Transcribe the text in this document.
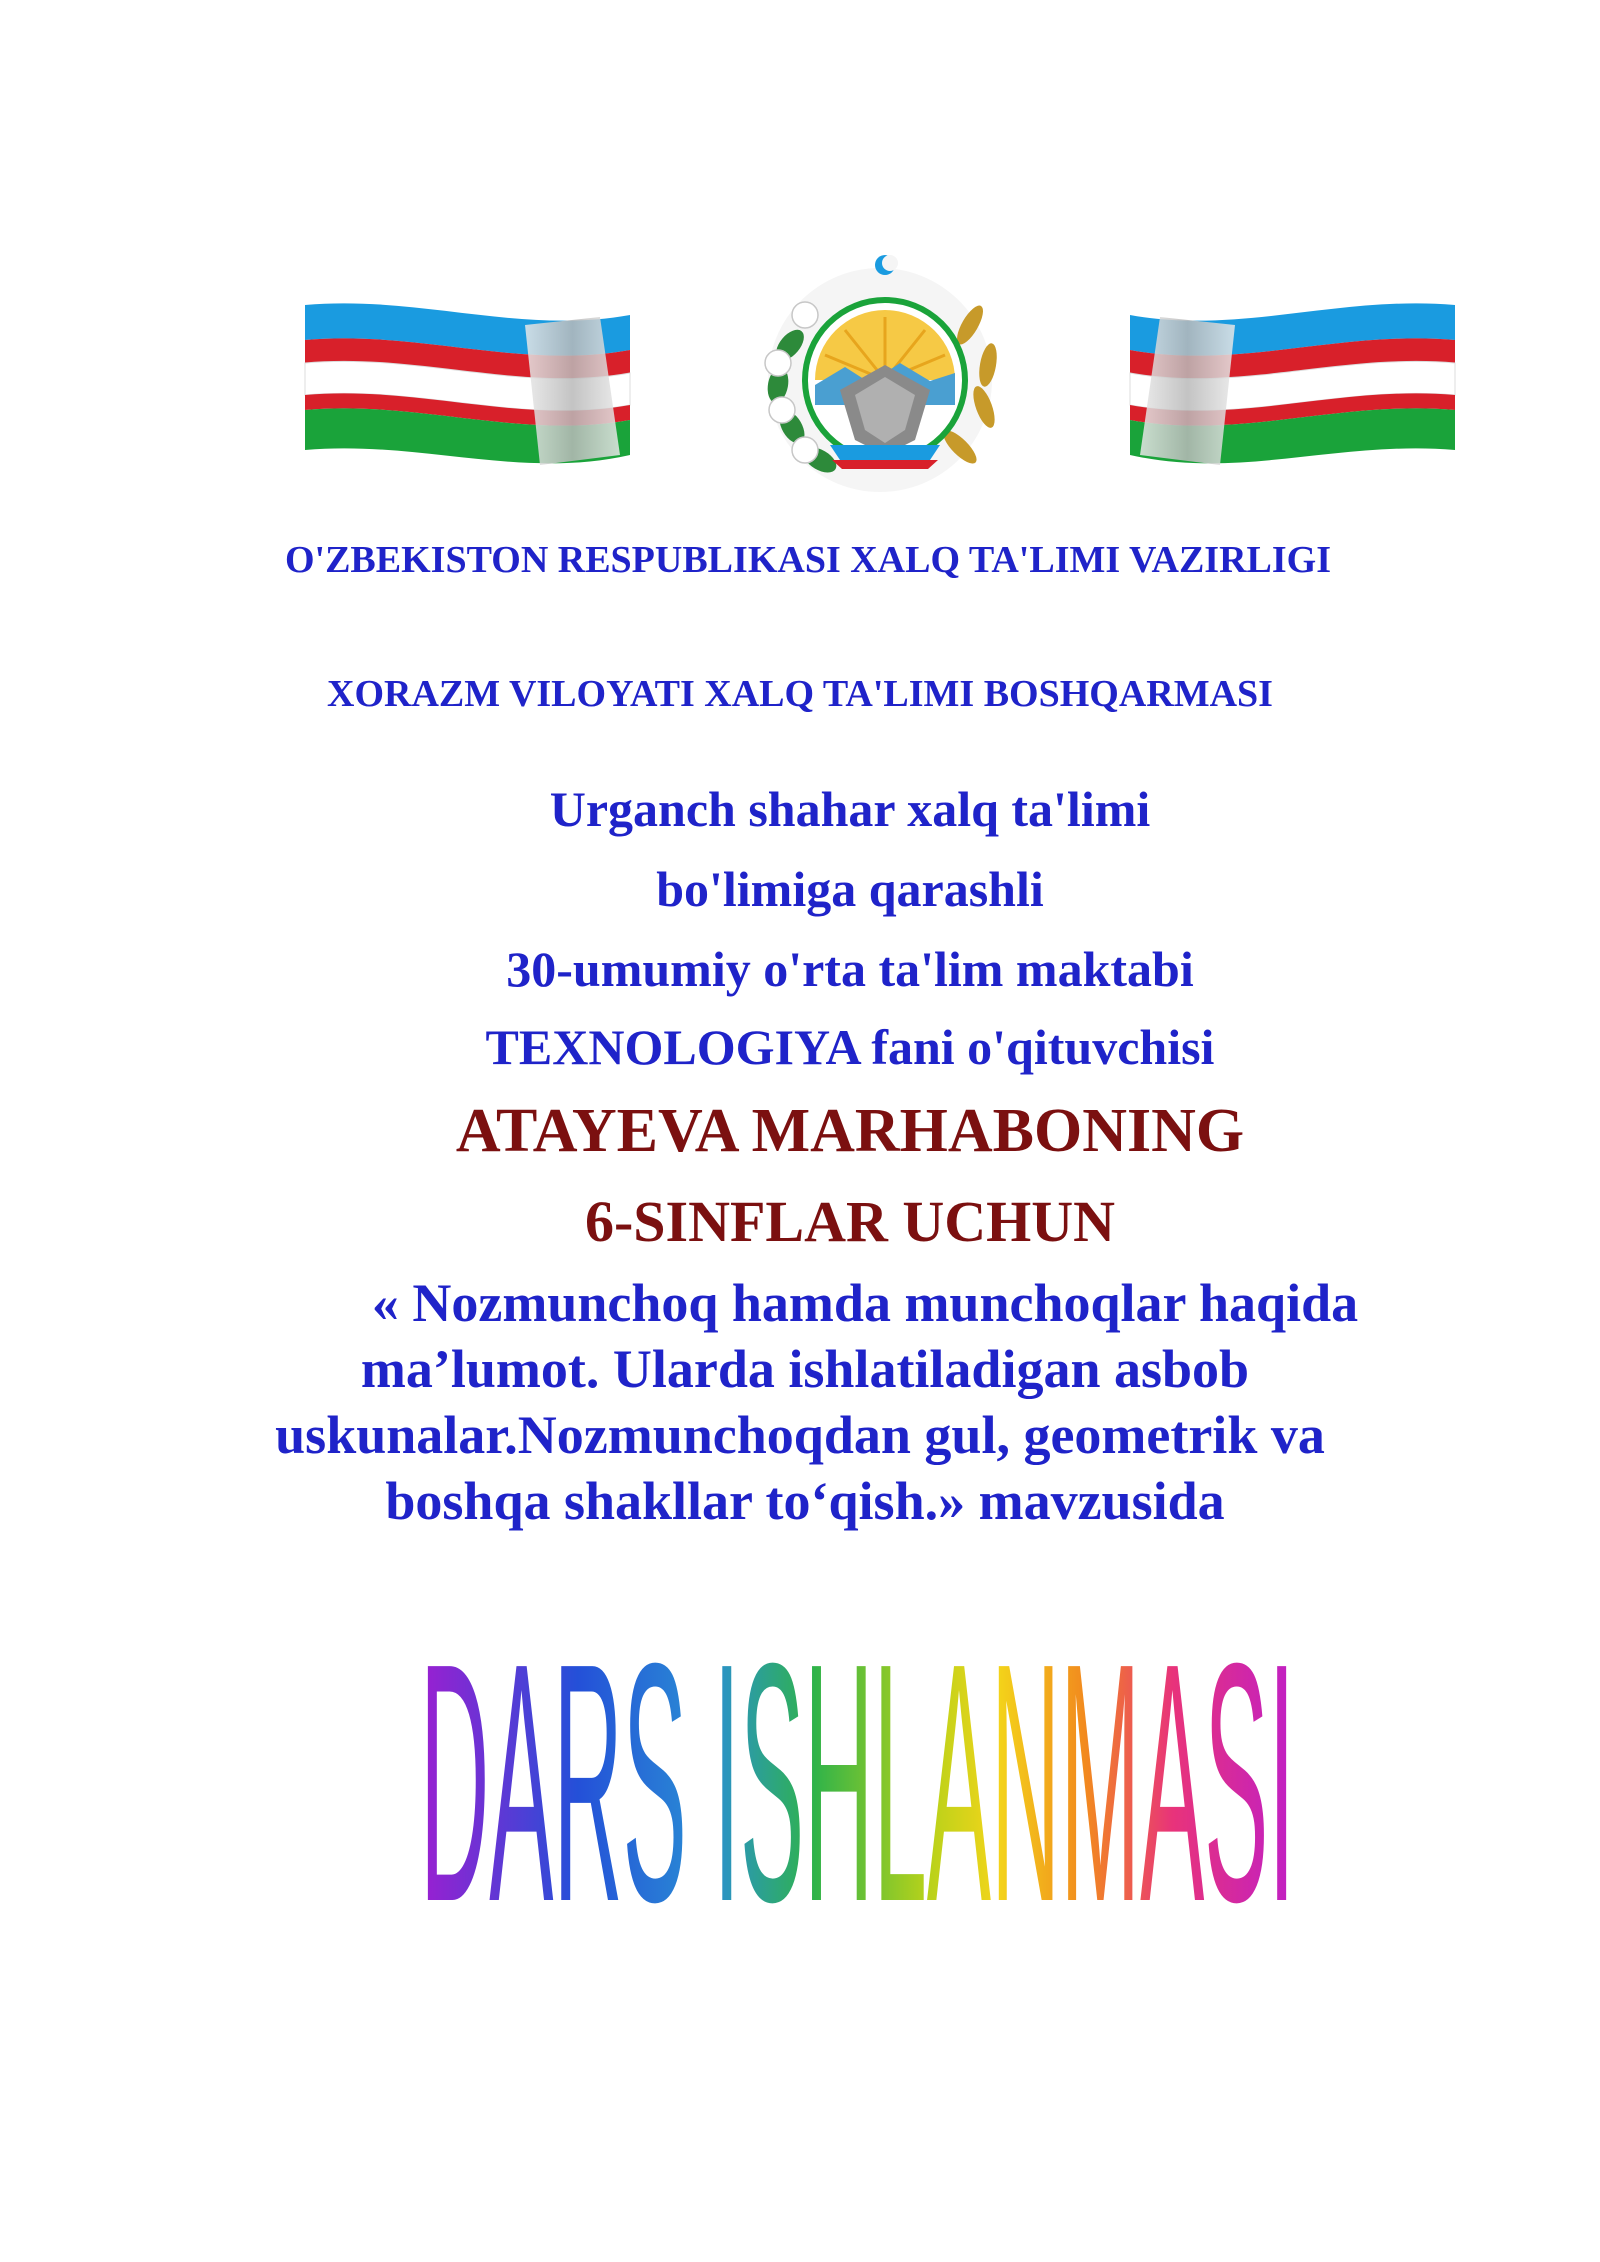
O'ZBEKISTON RESPUBLIKASI XALQ TA'LIMI VAZIRLIGI
XORAZM VILOYATI XALQ TA'LIMI BOSHQARMASI
Urganch shahar xalq ta'limi
bo'limiga qarashli
30-umumiy o'rta ta'lim maktabi
TEXNOLOGIYA fani o'qituvchisi
ATAYEVA MARHABONING
6-SINFLAR UCHUN
« Nozmunchoq hamda munchoqlar haqida
ma’lumot. Ularda ishlatiladigan asbob
uskunalar.Nozmunchoqdan gul, geometrik va
boshqa shakllar to‘qish.» mavzusida
DARS ISHLANMASI
